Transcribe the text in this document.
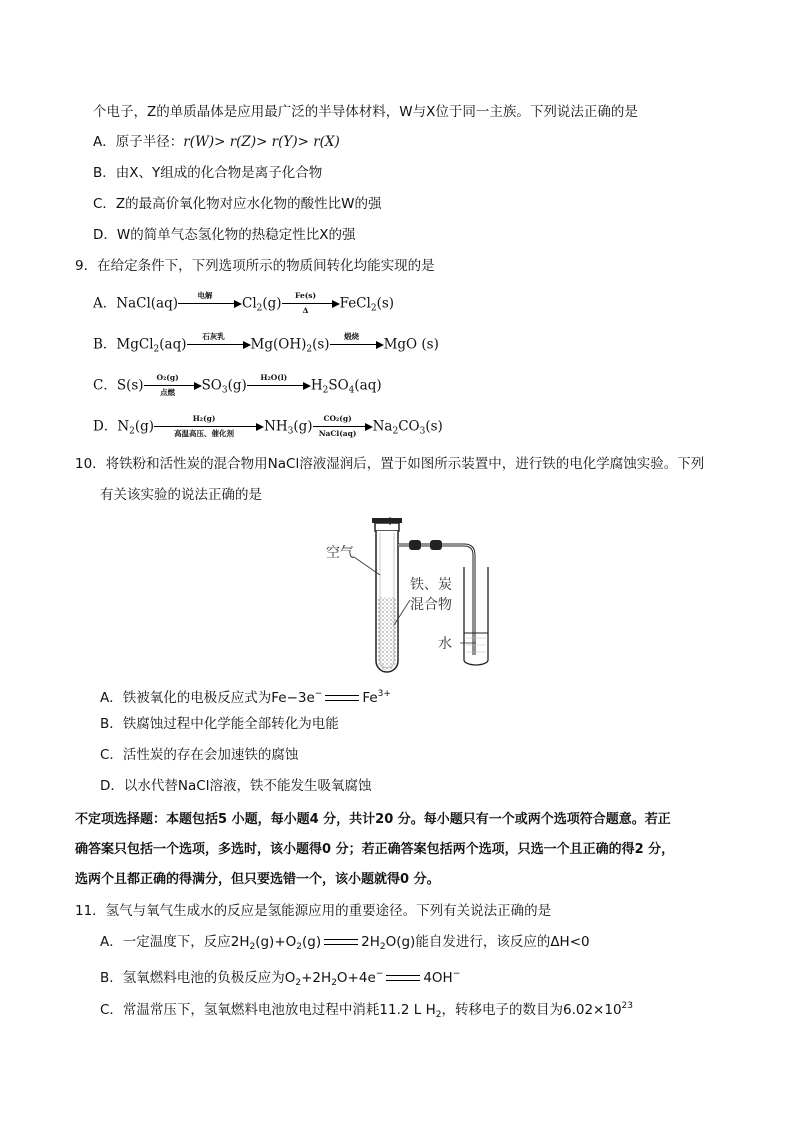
个电子，Z的单质晶体是应用最广泛的半导体材料，W与X位于同一主族。下列说法正确的是
A．原子半径：r(W)> r(Z)> r(Y)> r(X)
B．由X、Y组成的化合物是离子化合物
C．Z的最高价氧化物对应水化物的酸性比W的强
D．W的简单气态氢化物的热稳定性比X的强
9．在给定条件下，下列选项所示的物质间转化均能实现的是
A．NaCl(aq)	电解	$Cl_2(g) \frac{Fe(s)}{\Delta}$ FeCl$_2$(s)
B．MgCl$_2$(aq)	石灰乳	$Mg(OH)_2(s)$	煅烧	MgO (s)
C．S(s)	O₂(g)
点燃	$SO_3(g)$	H₂O(l)	$H_2SO_4(aq)$
D．$N_2(g)$	H₂(g)
高温高压、催化剂	$NH_3(g)$	CO₂(g)
NaCl(aq)	$Na_2CO_3(s)$
10．将铁粉和活性炭的混合物用NaCl溶液湿润后，置于如图所示装置中，进行铁的电化学腐蚀实验。下列
有关该实验的说法正确的是
空气
铁、炭
混合物
水
A．铁被氧化的电极反应式为Fe−3e−	$Fe^{3+}$
B．铁腐蚀过程中化学能全部转化为电能
C．活性炭的存在会加速铁的腐蚀
D．以水代替NaCl溶液，铁不能发生吸氧腐蚀
不定项选择题：本题包括5 小题，每小题4 分，共计20 分。每小题只有一个或两个选项符合题意。若正
确答案只包括一个选项，多选时，该小题得0 分；若正确答案包括两个选项，只选一个且正确的得2 分，
选两个且都正确的得满分，但只要选错一个，该小题就得0 分。
11．氢气与氧气生成水的反应是氢能源应用的重要途径。下列有关说法正确的是
A．一定温度下，反应$2H_2(g)+O_2(g)$	$2H_2O(g)$能自发进行，该反应的ΔH<0
B．氢氧燃料电池的负极反应为$O_2+2H_2O+4e^-$	4OH−
C．常温常压下，氢氧燃料电池放电过程中消耗11.2 L $H_2$，转移电子的数目为$6.02\times 10^{23}$
